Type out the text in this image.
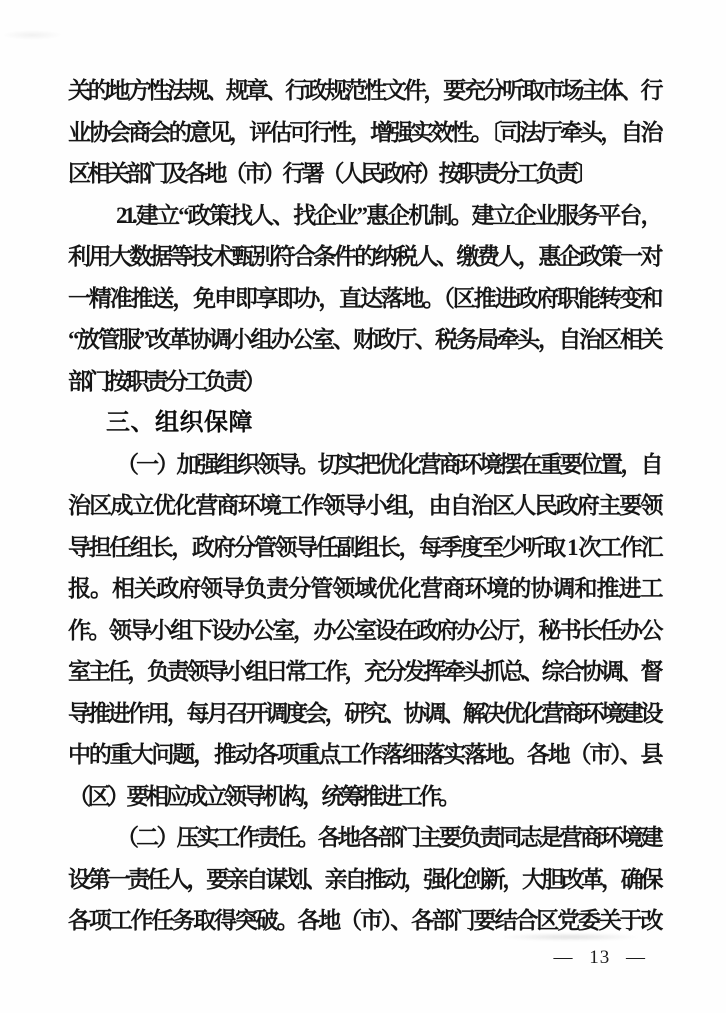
关的地方性法规、规章、行政规范性文件，要充分听取市场主体、行
业协会商会的意见，评估可行性，增强实效性。〔司法厅牵头，自治
区相关部门及各地（市）行署（人民政府）按职责分工负责〕
21.建立“政策找人、找企业”惠企机制。建立企业服务平台，
利用大数据等技术甄别符合条件的纳税人、缴费人，惠企政策一对
一精准推送，免申即享即办，直达落地。（区推进政府职能转变和
“放管服”改革协调小组办公室、财政厅、税务局牵头，自治区相关
部门按职责分工负责）
三、组织保障
（一）加强组织领导。切实把优化营商环境摆在重要位置，自
治区成立优化营商环境工作领导小组，由自治区人民政府主要领
导担任组长，政府分管领导任副组长，每季度至少听取 1 次工作汇
报。相关政府领导负责分管领域优化营商环境的协调和推进工
作。领导小组下设办公室，办公室设在政府办公厅，秘书长任办公
室主任，负责领导小组日常工作，充分发挥牵头抓总、综合协调、督
导推进作用，每月召开调度会，研究、协调、解决优化营商环境建设
中的重大问题，推动各项重点工作落细落实落地。各地（市）、县
（区）要相应成立领导机构，统筹推进工作。
（二）压实工作责任。各地各部门主要负责同志是营商环境建
设第一责任人，要亲自谋划、亲自推动，强化创新，大胆改革，确保
各项工作任务取得突破。各地（市）、各部门要结合区党委关于改
— 13 —
